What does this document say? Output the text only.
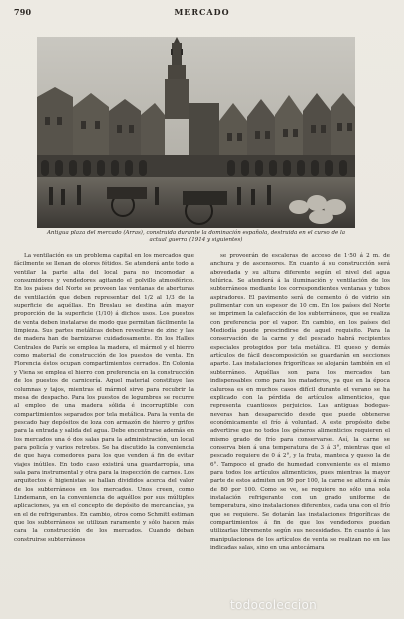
790	MERCADO
Antigua plaza del mercado (Arras), construida durante la dominación española, destruida en el curso de la actual guerra (1914 y siguientes)

La ventilación es un problema capital en los mercados que fácilmente se llenan de olores fétidos. Se atenderá ante todo a ventilar la parte alta del local para no incomodar a consumidores y vendedores agitando el polvillo atmosférico. En los países del Norte se proveen las ventanas de aberturas de ventilación que deben representar del 1/2 al 1/3 de la superficie de aquéllas. En Breslau se destina aún mayor proporción de la superficie (1/10) á dichos usos. Los puestos de venta deben instalarse de modo que permitan fácilmente la limpieza. Sus partes metálicas deben revestirse de zinc y las de madera han de barnizarse cuidadosamente. En los Halles Centrales de París se emplea la madera, el mármol y el hierro como material de construcción de los puestos de venta. En Florencia éstos ocupan compartimientos cerrados. En Colonia y Viena se emplea el hierro con preferencia en la construcción de los puestos de carnicería. Aquel material constituye las columnas y tajos, mientras el mármol sirve para recubrir la mesa de despacho. Para los puestos de legumbres se recurre al empleo de una madera sólida é incorruptible con compartimientos separados por tela metálica. Para la venta de pescado hay depósitos de loza con armazón de hierro y grifos para la entrada y salida del agua. Debe encontrarse además en los mercados una ó dos salas para la administración, un local para policía y varios retretes. Se ha discutido la conveniencia de que haya comedores para los que venden á fin de evitar viajes inútiles. En todo caso existirá una guardarropía, una sala para instrumental y otra para la inspección de carnes. Los arquitectos é higienistas se hallan divididos acerca del valor de los subterráneos en los mercados. Unos creen, como Lindemann, en la conveniencia de aquéllos por sus múltiples aplicaciones, ya en el concepto de depósito de mercancías, ya en el de refrigerantes. En cambio, otros como Schmitt estiman que los subterráneos se utilizan raramente y sólo hacen más cara la construcción de los mercados. Cuando deban construirse subterráneos

se proveerán de escaleras de acceso de 1·50 á 2 m. de anchura y de ascensores. En cuanto á su construcción será abovedada y su altura diferente según el nivel del agua telúrica. Se atenderá á la iluminación y ventilación de los subterráneos mediante los correspondientes ventanas y tubos aspiradores. El pavimento será de cemento ó de vidrio sin pulimentar con un espesor de 10 cm. En los países del Norte se imprimen la calefacción de los subterráneos, que se realiza con preferencia por el vapor. En cambio, en los países del Mediodía puede prescindirse de aquel requisito. Para la conservación de la carne y del pescado habrá recipientes especiales protegidos por tela metálica. El queso y demás artículos de fácil descomposición se guardarán en secciones aparte. Las instalaciones frigoríficas se alojarán también en el subterráneo. Aquéllas son para los mercados tan indispensables como para los mataderos, ya que en la época calurosa es en muchos casos difícil durante el verano se ha explicado con la pérdida de artículos alimenticios, que representa cuantiosos perjuicios. Las antiguas bodegas-neveras han desaparecido desde que puede obtenerse económicamente el frío á voluntad. A este propósito debe advertirse que no todos los géneros alimenticios requieren el mismo grado de frío para conservarse. Así, la carne se conserva bien á una temperatura de 3 á 3°, mientras que el pescado requiere de 0 á 2°, y la fruta, manteca y queso la de 6°. Tampoco el grado de humedad conveniente es el mismo para todos los artículos alimenticios, pues mientras la mayor parte de estos admiten un 90 por 100, la carne se altera á más de 80 por 100. Como se ve, se requiere no sólo una sola instalación refrigerante con un grado uniforme de temperatura, sino instalaciones diferentes, cada una con el frío que se requiere. Se dotarán las instalaciones frigoríficas de compartimientos á fin de que los vendedores puedan utilizarlas libremente según sus necesidades. En cuanto á las manipulaciones de los artículos de venta se realizan no en las indicadas salas, sino en una antecámara

todocoleccion
